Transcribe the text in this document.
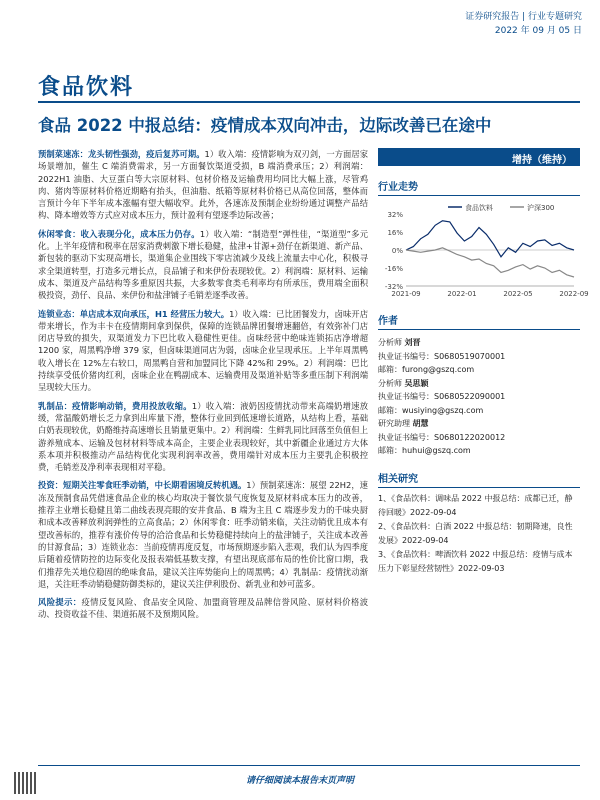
证券研究报告 | 行业专题研究
2022 年 09 月 05 日
食品饮料
食品 2022 中报总结：疫情成本双向冲击，边际改善已在途中

预制菜速冻：龙头韧性强劲，疫后复苏可期。1）收入端：疫情影响为双刃剑，一方面居家场景增加，催生 C 端消费需求，另一方面餐饮渠道受损，B 端消费承压；2）利润端：2022H1 油脂、大豆蛋白等大宗原材料、包材价格及运输费用均同比大幅上涨，尽管鸡肉、猪肉等原材料价格近期略有抬头，但油脂、纸箱等原材料价格已从高位回落，整体而言预计今年下半年成本涨幅有望大幅收窄。此外，各速冻及预制企业纷纷通过调整产品结构、降本增效等方式应对成本压力，预计盈利有望逐季边际改善；

休闲零食：收入表现分化，成本压力仍存。1）收入端：“制造型”弹性佳，“渠道型”多元化。上半年疫情和税率在居家消费刺激下增长稳健，盐津+甘源+劲仔在新渠道、新产品、新包装的驱动下实现高增长，渠道集企业围线下零店流减少及线上流量去中心化，积极寻求全渠道转型，打造多元增长点，良品铺子和来伊份表现较优。2）利润端：原材料、运输成本、渠道及产品结构等多重原因共振，大多数零食类毛利率均有所承压，费用端全面积极投资，劲仔、良品、来伊份和盐津铺子毛销差逐季改善。

连锁业态：单店成本双向承压，H1 经营压力较大。1）收入端：已比团餐发力，卤味开店带来增长，作为丰卡在疫情期间拿到保供，保障的连锁品牌团餐增速翻倍，有效弥补门店闭店导致的损失，双渠道发力下巴比收入稳健性更佳。卤味经营中绝味连锁拓店净增超 1200 家，周黑鸭净增 379 家，但卤味渠道同店为弱，卤味企业呈现承压。上半年周黑鸭收入增长在 12%左右较口，周黑鸭自营和加盟同比下降 42%和 29%。2）利润端：巴比持续享受低价猪肉红利，卤味企业在鸭副成本、运输费用及渠道补贴等多重压制下利润端呈现较大压力。

乳制品：疫情影响动销，费用投放收缩。1）收入端：液奶因疫情扰动带来高端奶增速放缓，常温酸奶增长乏力拿到出库量下滑，整体行业回到低速增长道路，从结构上看，基础白奶表现较优，奶酪维持高速增长且销量更集中。2）利润端：生鲜乳同比回落至负值但上游养殖成本、运输及包材材料等成本高企，主要企业表现较好，其中新疆企业通过方大体系本项并积极推动产品结构优化实现利润率改善，费用端针对成本压力主要乳企积极控费，毛销差及净利率表现相对平稳。

投资：短期关注零食旺季动销，中长期看困境反转机遇。1）预制菜速冻：展望 22H2，速冻及预制食品凭借速食品企业的核心均取决于餐饮景气度恢复及原材料成本压力的改善，推荐主业增长稳健且第二曲线表现亮眼的安井食品、B 端为主且 C 端逐步发力的千味央厨和成本改善释放利润弹性的立高食品；2）休闲零食：旺季动销来临，关注动销优且成本有望改善标的，推荐有涨价传导的洽洽食品和长势稳健持续向上的盐津铺子，关注成本改善的甘源食品；3）连锁业态：当前疫情再度反复，市场预期逐步陷入悲观，我们认为四季度后随着疫情防控的边际变化及报表端低基数支撑，有望出现底部布局的性价比窗口期，我们推荐先关地位稳固的绝味食品，建议关注库势能向上的周黑鸭；4）乳制品：疫情扰动渐退，关注旺季动销稳健防御类标的，建议关注伊利股份、新乳业和妙可蓝多。

风险提示：疫情反复风险、食品安全风险、加盟商管理及品牌信誉风险、原材料价格波动、投资收益不佳、渠道拓展不及预期风险。

增持（维持）
行业走势
32%
16%
0%
-16%
-32%
2021-09	2022-01	2022-05	2022-09
食品饮料	沪深300
作者
分析师 刘晋
执业证书编号：S0680519070001
邮箱：furong@gszq.com
分析师 吴思颖
执业证书编号：S0680522090001
邮箱：wusiying@gszq.com
研究助理 胡慧
执业证书编号：S0680122020012
邮箱：huhui@gszq.com
相关研究
1、《食品饮料：调味品 2022 中报总结：成都已迁，静待回暖》2022-09-04
2、《食品饮料：白酒 2022 中报总结：韧期降速，良性发展》2022-09-04
3、《食品饮料：啤酒饮料 2022 中报总结：疫情与成本压力下彰显经营韧性》2022-09-03
请仔细阅读本报告末页声明
